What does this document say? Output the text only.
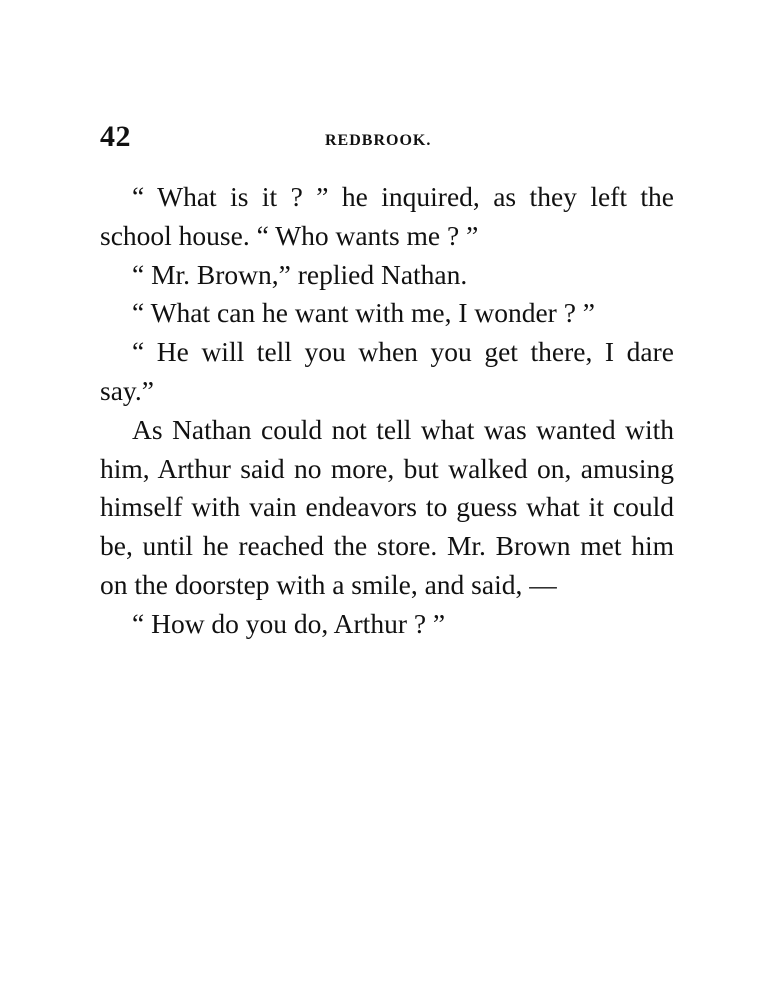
42	REDBROOK.

“ What is it ? ” he inquired, as they left the school house. “ Who wants me ? ”

“ Mr. Brown,” replied Nathan.

“ What can he want with me, I wonder ? ”

“ He will tell you when you get there, I dare say.”

As Nathan could not tell what was wanted with him, Arthur said no more, but walked on, amusing himself with vain endeavors to guess what it could be, until he reached the store. Mr. Brown met him on the doorstep with a smile, and said, —

“ How do you do, Arthur ? ”
